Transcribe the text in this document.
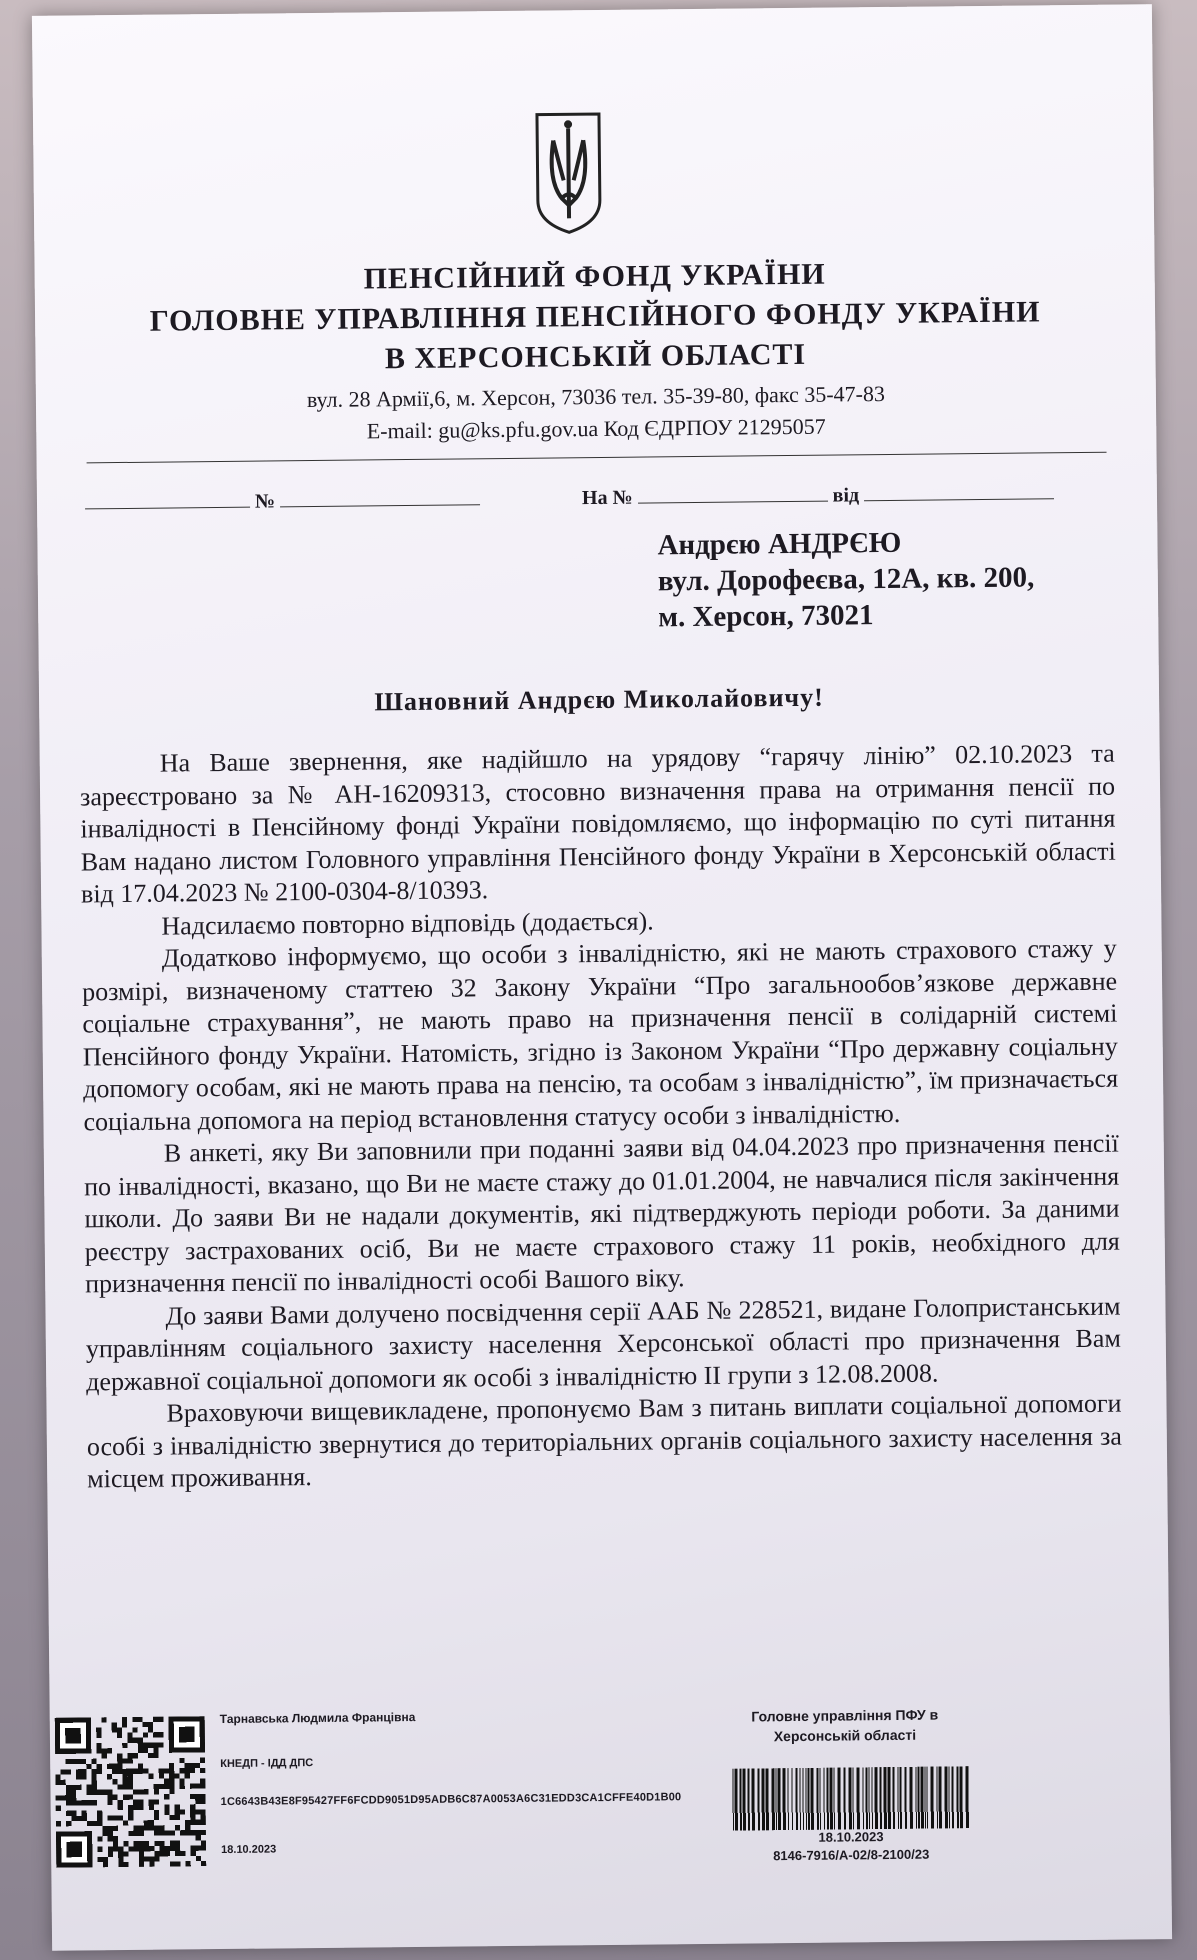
ПЕНСІЙНИЙ ФОНД УКРАЇНИ
ГОЛОВНЕ УПРАВЛІННЯ ПЕНСІЙНОГО ФОНДУ УКРАЇНИ
В ХЕРСОНСЬКІЙ ОБЛАСТІ
вул. 28 Армії,6, м. Херсон, 73036 тел. 35-39-80, факс 35-47-83
E-mail: gu@ks.pfu.gov.ua Код ЄДРПОУ 21295057
№	На №	від
Андрєю АНДРЄЮ
вул. Дорофеєва, 12А, кв. 200,
м. Херсон, 73021
Шановний Андрєю Миколайовичу!

На Ваше звернення, яке надійшло на урядову “гарячу лінію” 02.10.2023 та зареєстровано за № АН-16209313, стосовно визначення права на отримання пенсії по інвалідності в Пенсійному фонді України повідомляємо, що інформацію по суті питання Вам надано листом Головного управління Пенсійного фонду України в Херсонській області від 17.04.2023 № 2100-0304-8/10393.

Надсилаємо повторно відповідь (додається).

Додатково інформуємо, що особи з інвалідністю, які не мають страхового стажу у розмірі, визначеному статтею 32 Закону України “Про загальнообов’язкове державне соціальне страхування”, не мають право на призначення пенсії в солідарній системі Пенсійного фонду України. Натомість, згідно із Законом України “Про державну соціальну допомогу особам, які не мають права на пенсію, та особам з інвалідністю”, їм призначається соціальна допомога на період встановлення статусу особи з інвалідністю.

В анкеті, яку Ви заповнили при поданні заяви від 04.04.2023 про призначення пенсії по інвалідності, вказано, що Ви не маєте стажу до 01.01.2004, не навчалися після закінчення школи. До заяви Ви не надали документів, які підтверджують періоди роботи. За даними реєстру застрахованих осіб, Ви не маєте страхового стажу 11 років, необхідного для призначення пенсії по інвалідності особі Вашого віку.

До заяви Вами долучено посвідчення серії ААБ № 228521, видане Голопристанським управлінням соціального захисту населення Херсонської області про призначення Вам державної соціальної допомоги як особі з інвалідністю II групи з 12.08.2008.

Враховуючи вищевикладене, пропонуємо Вам з питань виплати соціальної допомоги особі з інвалідністю звернутися до територіальних органів соціального захисту населення за місцем проживання.

Тарнавська Людмила Францівна
КНЕДП - ІДД ДПС
1C6643B43E8F95427FF6FCDD9051D95ADB6C87A0053A6C31EDD3CA1CFFE40D1B00
18.10.2023
Головне управління ПФУ в
Херсонській області
18.10.2023
8146-7916/А-02/8-2100/23
